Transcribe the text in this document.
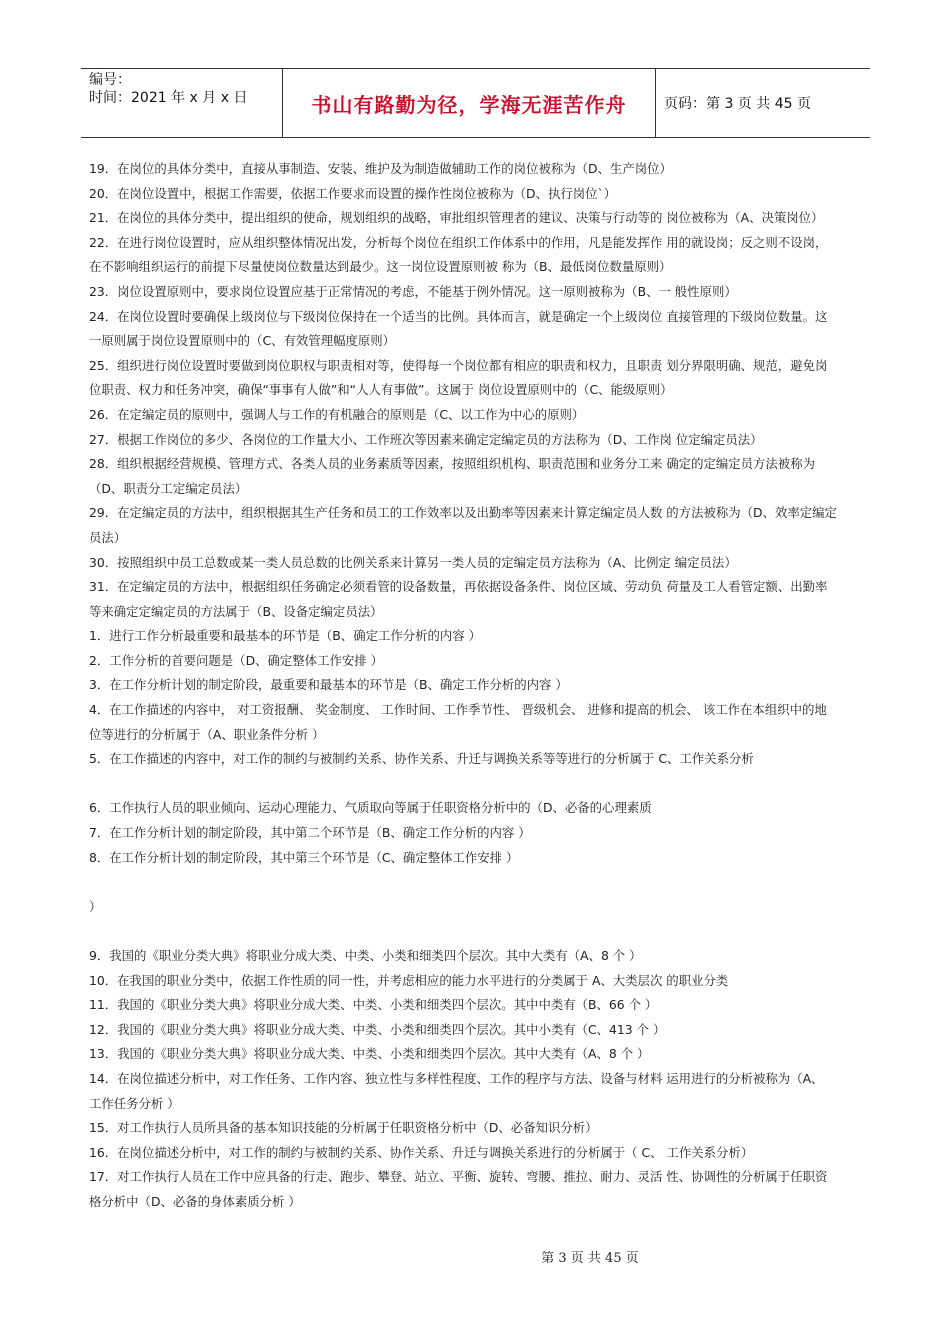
编号：
时间：2021 年 x 月 x 日	书山有路勤为径，学海无涯苦作舟	页码：第 3 页 共 45 页
19．在岗位的具体分类中，直接从事制造、安装、维护及为制造做辅助工作的岗位被称为（D、生产岗位）
20．在岗位设置中，根据工作需要，依据工作要求而设置的操作性岗位被称为（D、执行岗位`）
21．在岗位的具体分类中，提出组织的使命，规划组织的战略，审批组织管理者的建议、决策与行动等的 岗位被称为（A、决策岗位）
22．在进行岗位设置时，应从组织整体情况出发，分析每个岗位在组织工作体系中的作用，凡是能发挥作 用的就设岗；反之则不设岗，
在不影响组织运行的前提下尽量使岗位数量达到最少。这一岗位设置原则被 称为（B、最低岗位数量原则）
23．岗位设置原则中，要求岗位设置应基于正常情况的考虑，不能基于例外情况。这一原则被称为（B、一 般性原则）
24．在岗位设置时要确保上级岗位与下级岗位保持在一个适当的比例。具体而言，就是确定一个上级岗位 直接管理的下级岗位数量。这
一原则属于岗位设置原则中的（C、有效管理幅度原则）
25．组织进行岗位设置时要做到岗位职权与职责相对等，使得每一个岗位都有相应的职责和权力，且职责 划分界限明确、规范，避免岗
位职责、权力和任务冲突，确保“事事有人做”和“人人有事做”。这属于 岗位设置原则中的（C、能级原则）
26．在定编定员的原则中，强调人与工作的有机融合的原则是（C、以工作为中心的原则）
27．根据工作岗位的多少、各岗位的工作量大小、工作班次等因素来确定定编定员的方法称为（D、工作岗 位定编定员法）
28．组织根据经营规模、管理方式、各类人员的业务素质等因素，按照组织机构、职责范围和业务分工来 确定的定编定员方法被称为
（D、职责分工定编定员法）
29．在定编定员的方法中，组织根据其生产任务和员工的工作效率以及出勤率等因素来计算定编定员人数 的方法被称为（D、效率定编定
员法）
30．按照组织中员工总数或某一类人员总数的比例关系来计算另一类人员的定编定员方法称为（A、比例定 编定员法）
31．在定编定员的方法中，根据组织任务确定必须看管的设备数量，再依据设备条件、岗位区域、劳动负 荷量及工人看管定额、出勤率
等来确定定编定员的方法属于（B、设备定编定员法）
1．进行工作分析最重要和最基本的环节是（B、确定工作分析的内容 ）
2．工作分析的首要问题是（D、确定整体工作安排 ）
3．在工作分析计划的制定阶段，最重要和最基本的环节是（B、确定工作分析的内容 ）
4．在工作描述的内容中， 对工资报酬、 奖金制度、 工作时间、工作季节性、 晋级机会、 进修和提高的机会、 该工作在本组织中的地
位等进行的分析属于（A、职业条件分析 ）
5．在工作描述的内容中，对工作的制约与被制约关系、协作关系、升迁与调换关系等等进行的分析属于 C、工作关系分析
6．工作执行人员的职业倾向、运动心理能力、气质取向等属于任职资格分析中的（D、必备的心理素质
7．在工作分析计划的制定阶段，其中第二个环节是（B、确定工作分析的内容 ）
8．在工作分析计划的制定阶段，其中第三个环节是（C、确定整体工作安排 ）
）
9．我国的《职业分类大典》将职业分成大类、中类、小类和细类四个层次。其中大类有（A、8 个 ）
10．在我国的职业分类中，依据工作性质的同一性，并考虑相应的能力水平进行的分类属于 A、大类层次 的职业分类
11．我国的《职业分类大典》将职业分成大类、中类、小类和细类四个层次。其中中类有（B、66 个 ）
12．我国的《职业分类大典》将职业分成大类、中类、小类和细类四个层次。其中小类有（C、413 个 ）
13．我国的《职业分类大典》将职业分成大类、中类、小类和细类四个层次。其中大类有（A、8 个 ）
14．在岗位描述分析中，对工作任务、工作内容、独立性与多样性程度、工作的程序与方法、设备与材料 运用进行的分析被称为（A、
工作任务分析 ）
15．对工作执行人员所具备的基本知识技能的分析属于任职资格分析中（D、必备知识分析）
16．在岗位描述分析中，对工作的制约与被制约关系、协作关系、升迁与调换关系进行的分析属于（ C、 工作关系分析）
17．对工作执行人员在工作中应具备的行走、跑步、攀登、站立、平衡、旋转、弯腰、推拉、耐力、灵活 性、协调性的分析属于任职资
格分析中（D、必备的身体素质分析 ）
第 3 页 共 45 页
